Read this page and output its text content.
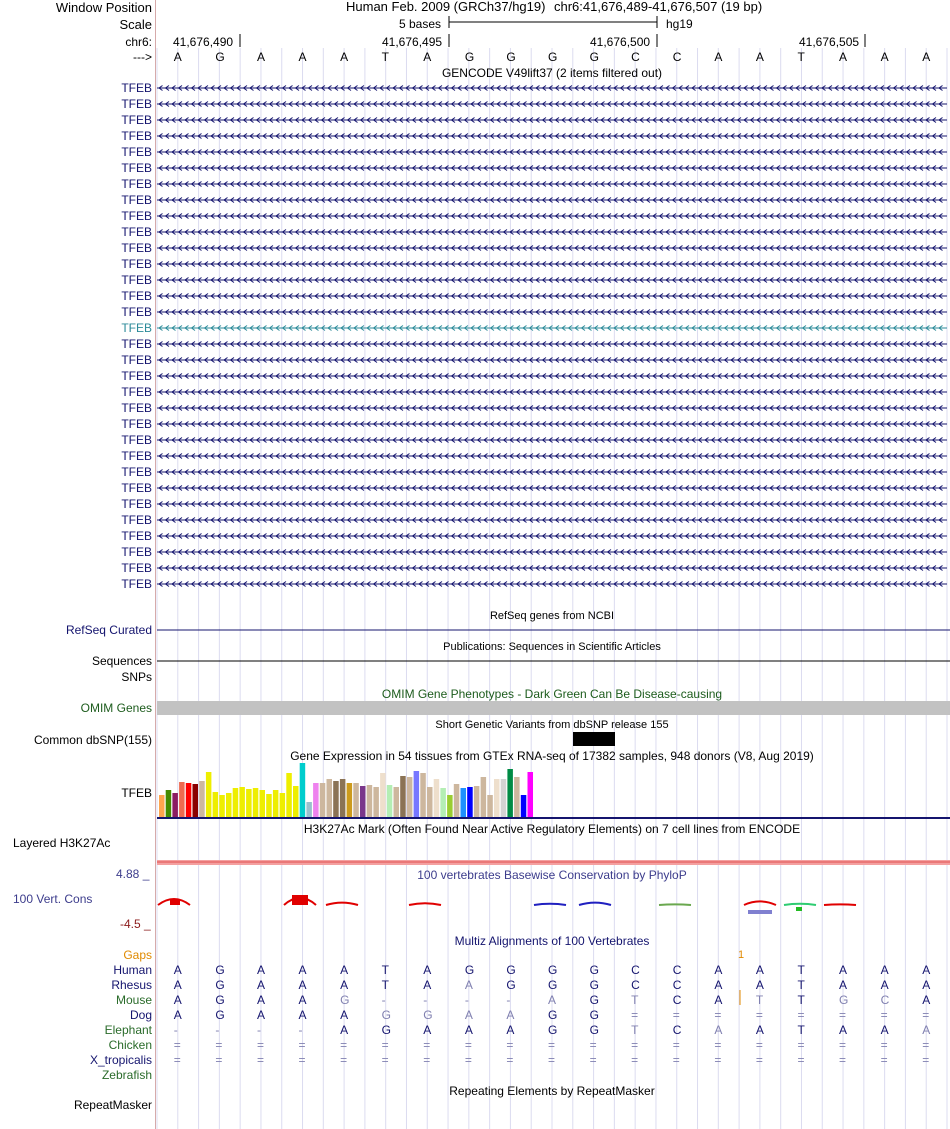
Window Position	Human Feb. 2009 (GRCh37/hg19) chr6:41,676,489-41,676,507 (19 bp)
Scale	5 bases	hg19
chr6: 41,676,490	41,676,495	41,676,500	41,676,505
---> A	G	A	A	A	T	A	G	G	G	G	C	C	A	A	T	A	A	A
GENCODE V49lift37 (2 items filtered out)
TFEB
TFEB
TFEB
TFEB
TFEB
TFEB
TFEB
TFEB
TFEB
TFEB
TFEB
TFEB
TFEB
TFEB
TFEB
TFEB
TFEB
TFEB
TFEB
TFEB
TFEB
TFEB
TFEB
TFEB
TFEB
TFEB
TFEB
TFEB
TFEB
TFEB
TFEB
TFEB
RefSeq genes from NCBI
RefSeq Curated
Publications: Sequences in Scientific Articles
Sequences
SNPs
OMIM Gene Phenotypes - Dark Green Can Be Disease-causing
OMIM Genes
Short Genetic Variants from dbSNP release 155
Common dbSNP(155)
Gene Expression in 54 tissues from GTEx RNA-seq of 17382 samples, 948 donors (V8, Aug 2019)
TFEB
H3K27Ac Mark (Often Found Near Active Regulatory Elements) on 7 cell lines from ENCODE
Layered H3K27Ac
100 vertebrates Basewise Conservation by PhyloP
4.88 _
100 Vert. Cons
-4.5 _
Multiz Alignments of 100 Vertebrates
Gaps	1
Human A	G	A	A	A	T	A	G	G	G	G	C	C	A	A	T	A	A	A
Rhesus A	G	A	A	A	T	A	A	G	G	G	C	C	A	A	T	A	A	A
Mouse A	G	A	A	G	-	-	-	-	A	G	T	C	A	T	T	G	C	A
Dog A	G	A	A	A	G	G	A	A	G	G	=	=	=	=	=	=	=	=
Elephant -	-	-	-	A	G	A	A	A	G	G	T	C	A	A	T	A	A	A
Chicken =	=	=	=	=	=	=	=	=	=	=	=	=	=	=	=	=	=	=
X_tropicalis =	=	=	=	=	=	=	=	=	=	=	=	=	=	=	=	=	=	=
Zebrafish
Repeating Elements by RepeatMasker
RepeatMasker
